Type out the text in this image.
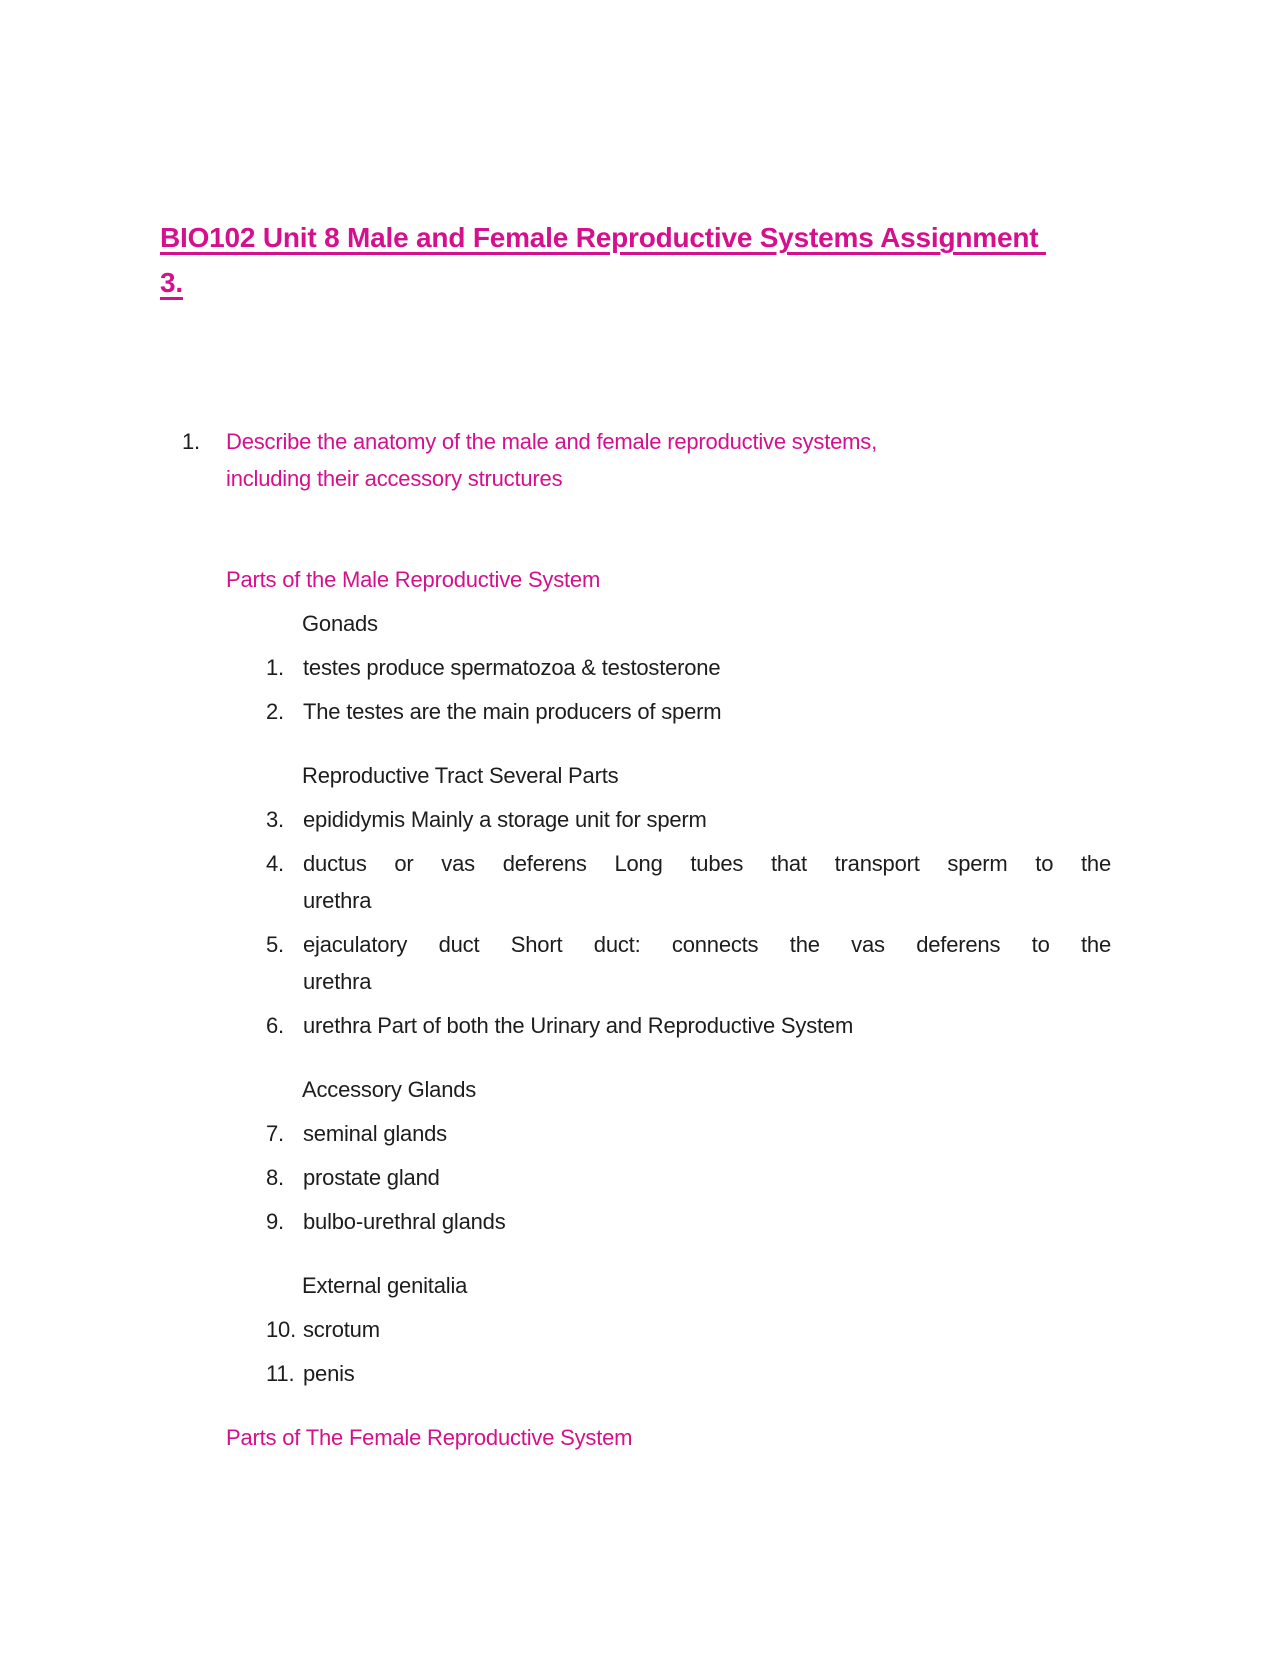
BIO102 Unit 8 Male and Female Reproductive Systems Assignment
3.
1.	Describe the anatomy of the male and female reproductive systems,
including their accessory structures
Parts of the Male Reproductive System
Gonads
1. testes produce spermatozoa & testosterone
2. The testes are the main producers of sperm
Reproductive Tract Several Parts
3. epididymis Mainly a storage unit for sperm
4. ductus or vas deferens Long tubes that transport sperm to the
urethra
5. ejaculatory duct Short duct: connects the vas deferens to the
urethra
6. urethra Part of both the Urinary and Reproductive System
Accessory Glands
7. seminal glands
8. prostate gland
9. bulbo-urethral glands
External genitalia
10. scrotum
11. penis
Parts of The Female Reproductive System
